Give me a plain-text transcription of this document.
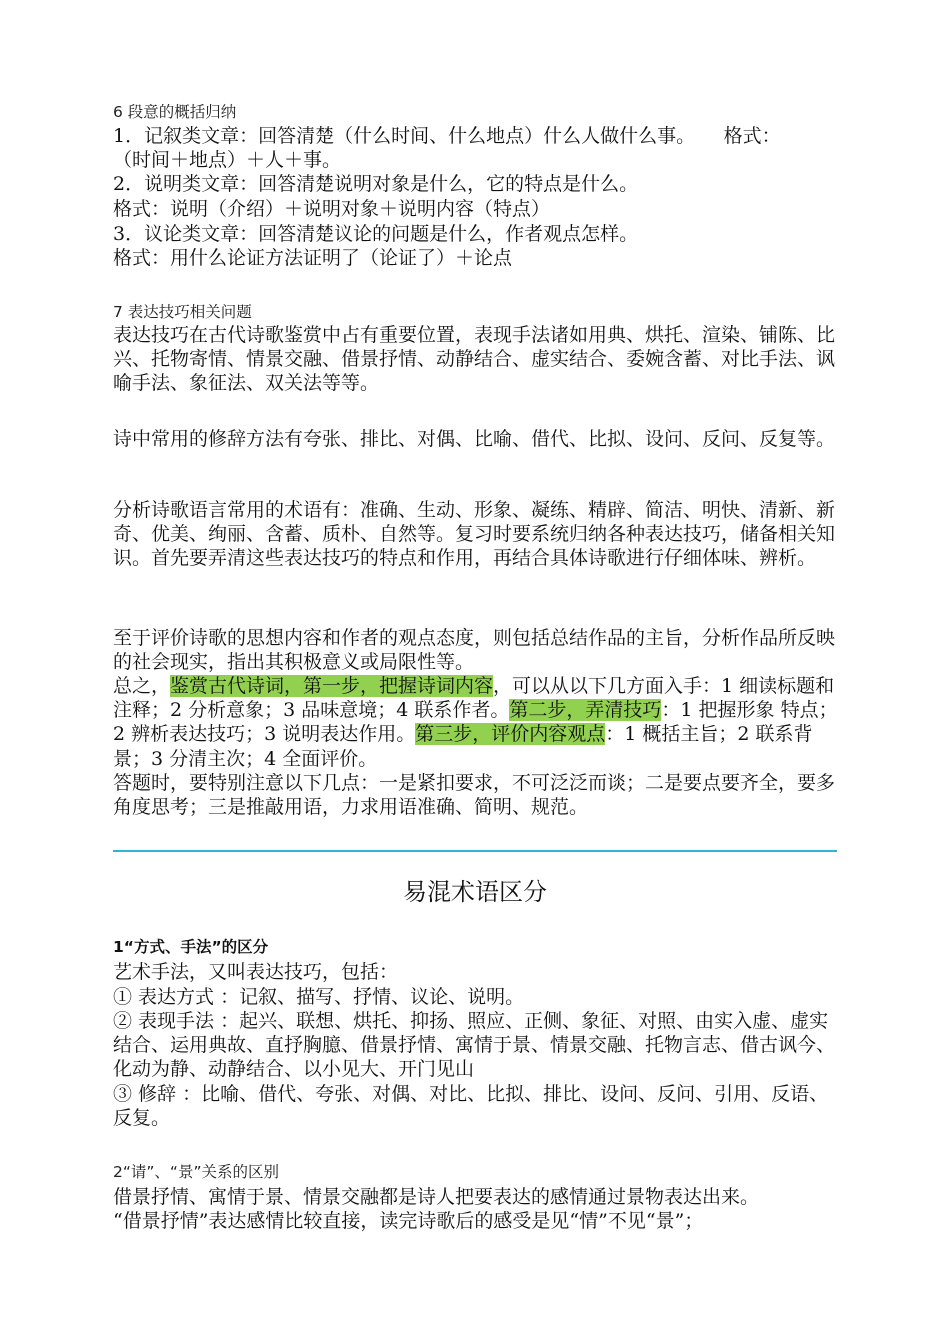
6 段意的概括归纳
1．记叙类文章：回答清楚（什么时间、什么地点）什么人做什么事。　　格式：
（时间＋地点）＋人＋事。
2．说明类文章：回答清楚说明对象是什么，它的特点是什么。
格式：说明（介绍）＋说明对象＋说明内容（特点）
3．议论类文章：回答清楚议论的问题是什么，作者观点怎样。
格式：用什么论证方法证明了（论证了）＋论点
7 表达技巧相关问题
表达技巧在古代诗歌鉴赏中占有重要位置，表现手法诸如用典、烘托、渲染、铺陈、比兴、托物寄情、情景交融、借景抒情、动静结合、虚实结合、委婉含蓄、对比手法、讽喻手法、象征法、双关法等等。
诗中常用的修辞方法有夸张、排比、对偶、比喻、借代、比拟、设问、反问、反复等。
分析诗歌语言常用的术语有：准确、生动、形象、凝练、精辟、简洁、明快、清新、新奇、优美、绚丽、含蓄、质朴、自然等。复习时要系统归纳各种表达技巧，储备相关知识。首先要弄清这些表达技巧的特点和作用，再结合具体诗歌进行仔细体味、辨析。
至于评价诗歌的思想内容和作者的观点态度，则包括总结作品的主旨，分析作品所反映的社会现实，指出其积极意义或局限性等。
总之，鉴赏古代诗词，第一步，把握诗词内容，可以从以下几方面入手：1 细读标题和注释；2 分析意象；3 品味意境；4 联系作者。第二步，弄清技巧：1 把握形象 特点；2 辨析表达技巧；3 说明表达作用。第三步，评价内容观点：1 概括主旨；2 联系背景；3 分清主次；4 全面评价。
答题时，要特别注意以下几点：一是紧扣要求，不可泛泛而谈；二是要点要齐全，要多角度思考；三是推敲用语，力求用语准确、简明、规范。
易混术语区分
1“方式、手法”的区分
艺术手法，又叫表达技巧，包括：
① 表达方式 ：记叙、描写、抒情、议论、说明。
② 表现手法 ：起兴、联想、烘托、抑扬、照应、正侧、象征、对照、由实入虚、虚实结合、运用典故、直抒胸臆、借景抒情、寓情于景、情景交融、托物言志、借古讽今、化动为静、动静结合、以小见大、开门见山
③ 修辞 ：比喻、借代、夸张、对偶、对比、比拟、排比、设问、反问、引用、反语、反复。
2“请”、“景”关系的区别
借景抒情、寓情于景、情景交融都是诗人把要表达的感情通过景物表达出来。
“借景抒情”表达感情比较直接，读完诗歌后的感受是见“情”不见“景”；
